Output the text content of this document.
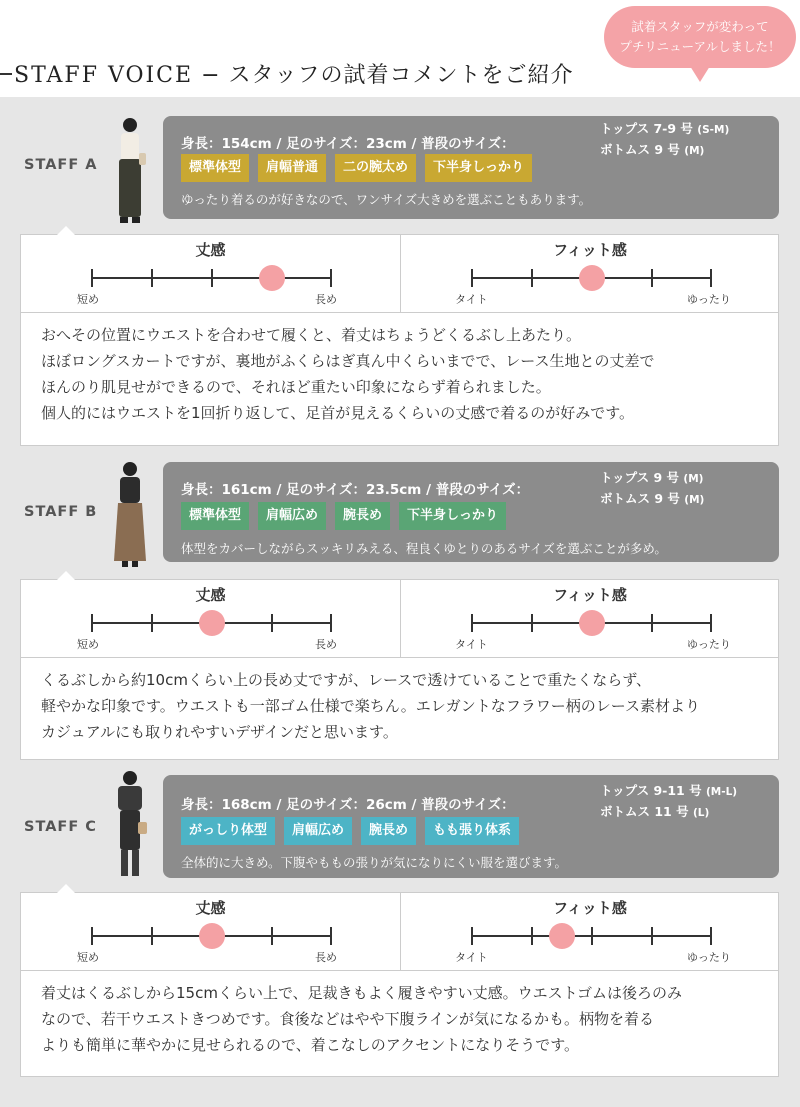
STAFF VOICE − スタッフの試着コメントをご紹介
試着スタッフが変わって
プチリニューアルしました！
STAFF A
身長：154cm / 足のサイズ：23cm / 普段のサイズ：
トップス 7-9 号 (S-M)
ボトムス 9 号 (M)
標準体型	肩幅普通	二の腕太め	下半身しっかり
ゆったり着るのが好きなので、ワンサイズ大きめを選ぶこともあります。
丈感
短め	長め
フィット感
タイト	ゆったり

おへその位置にウエストを合わせて履くと、着丈はちょうどくるぶし上あたり。

ほぼロングスカートですが、裏地がふくらはぎ真ん中くらいまでで、レース生地との丈差で

ほんのり肌見せができるので、それほど重たい印象にならず着られました。

個人的にはウエストを1回折り返して、足首が見えるくらいの丈感で着るのが好みです。

STAFF B
身長：161cm / 足のサイズ：23.5cm / 普段のサイズ：
トップス 9 号 (M)
ボトムス 9 号 (M)
標準体型	肩幅広め	腕長め	下半身しっかり
体型をカバーしながらスッキリみえる、程良くゆとりのあるサイズを選ぶことが多め。
丈感
短め	長め
フィット感
タイト	ゆったり

くるぶしから約10cmくらい上の長め丈ですが、レースで透けていることで重たくならず、

軽やかな印象です。ウエストも一部ゴム仕様で楽ちん。エレガントなフラワー柄のレース素材より

カジュアルにも取りれやすいデザインだと思います。

STAFF C
身長：168cm / 足のサイズ：26cm / 普段のサイズ：
トップス 9-11 号 (M-L)
ボトムス 11 号 (L)
がっしり体型	肩幅広め	腕長め	もも張り体系
全体的に大きめ。下腹やももの張りが気になりにくい服を選びます。
丈感
短め	長め
フィット感
タイト	ゆったり

着丈はくるぶしから15cmくらい上で、足裁きもよく履きやすい丈感。ウエストゴムは後ろのみ

なので、若干ウエストきつめです。食後などはやや下腹ラインが気になるかも。柄物を着る

よりも簡単に華やかに見せられるので、着こなしのアクセントになりそうです。
